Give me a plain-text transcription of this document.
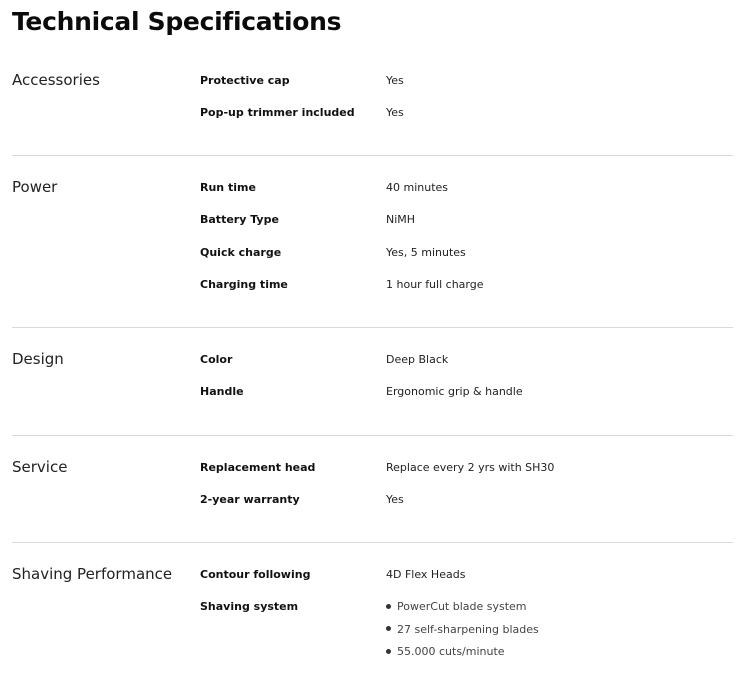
Technical Specifications
Accessories	Protective cap	Yes
Pop-up trimmer included	Yes
Power	Run time	40 minutes
Battery Type	NiMH
Quick charge	Yes, 5 minutes
Charging time	1 hour full charge
Design	Color	Deep Black
Handle	Ergonomic grip & handle
Service	Replacement head	Replace every 2 yrs with SH30
2-year warranty	Yes
Shaving Performance	Contour following	4D Flex Heads
Shaving system	PowerCut blade system
27 self-sharpening blades
55.000 cuts/minute
